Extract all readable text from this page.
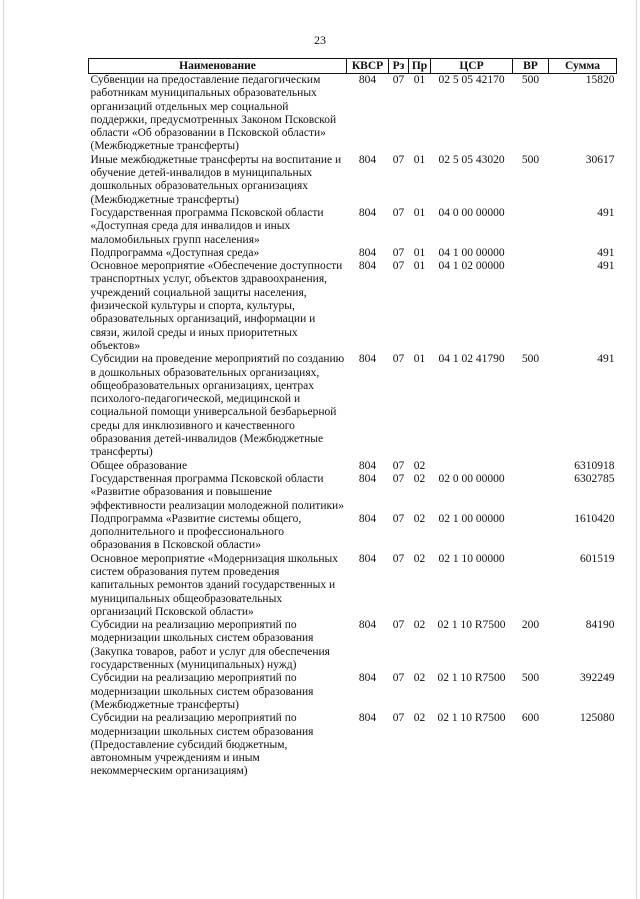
23
Наименование	КВСР	Рз	Пр	ЦСР	ВР	Сумма
Субвенции на предоставление педагогическим работникам муниципальных образовательных организаций отдельных мер социальной поддержки, предусмотренных Законом Псковской области «Об образовании в Псковской области» (Межбюджетные трансферты)	804	07	01	02 5 05 42170	500	15820
Иные межбюджетные трансферты на воспитание и обучение детей-инвалидов в муниципальных дошкольных образовательных организациях (Межбюджетные трансферты)	804	07	01	02 5 05 43020	500	30617
Государственная программа Псковской области «Доступная среда для инвалидов и иных маломобильных групп населения»	804	07	01	04 0 00 00000		491
Подпрограмма «Доступная среда»	804	07	01	04 1 00 00000		491
Основное мероприятие «Обеспечение доступности транспортных услуг, объектов здравоохранения, учреждений социальной защиты населения, физической культуры и спорта, культуры, образовательных организаций, информации и связи, жилой среды и иных приоритетных объектов»	804	07	01	04 1 02 00000		491
Субсидии на проведение мероприятий по созданию в дошкольных образовательных организациях, общеобразовательных организациях, центрах психолого-педагогической, медицинской и социальной помощи универсальной безбарьерной среды для инклюзивного и качественного образования детей-инвалидов (Межбюджетные трансферты)	804	07	01	04 1 02 41790	500	491
Общее образование	804	07	02			6310918
Государственная программа Псковской области «Развитие образования и повышение эффективности реализации молодежной политики»	804	07	02	02 0 00 00000		6302785
Подпрограмма «Развитие системы общего, дополнительного и профессионального образования в Псковской области»	804	07	02	02 1 00 00000		1610420
Основное мероприятие «Модернизация школьных систем образования путем проведения капитальных ремонтов зданий государственных и муниципальных общеобразовательных организаций Псковской области»	804	07	02	02 1 10 00000		601519
Субсидии на реализацию мероприятий по модернизации школьных систем образования (Закупка товаров, работ и услуг для обеспечения государственных (муниципальных) нужд)	804	07	02	02 1 10 R7500	200	84190
Субсидии на реализацию мероприятий по модернизации школьных систем образования (Межбюджетные трансферты)	804	07	02	02 1 10 R7500	500	392249
Субсидии на реализацию мероприятий по модернизации школьных систем образования (Предоставление субсидий бюджетным, автономным учреждениям и иным некоммерческим организациям)	804	07	02	02 1 10 R7500	600	125080
